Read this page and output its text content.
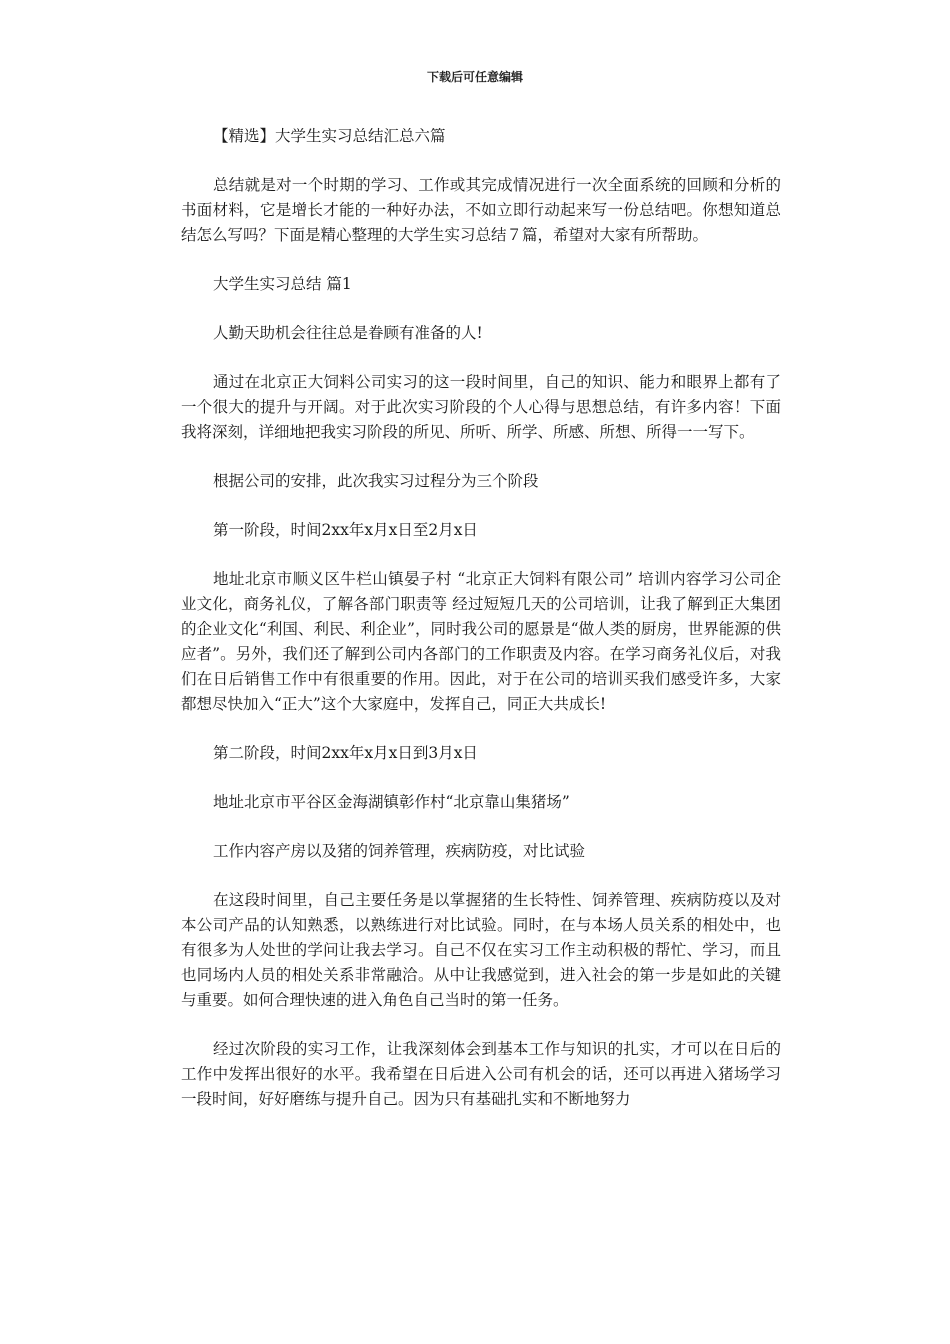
下载后可任意编辑

【精选】大学生实习总结汇总六篇

总结就是对一个时期的学习、工作或其完成情况进行一次全面系统的回顾和分析的书面材料，它是增长才能的一种好办法，不如立即行动起来写一份总结吧。你想知道总结怎么写吗？下面是精心整理的大学生实习总结７篇，希望对大家有所帮助。

大学生实习总结 篇1

人勤天助机会往往总是眷顾有准备的人!

通过在北京正大饲料公司实习的这一段时间里，自己的知识、能力和眼界上都有了一个很大的提升与开阔。对于此次实习阶段的个人心得与思想总结，有许多内容！下面我将深刻，详细地把我实习阶段的所见、所听、所学、所感、所想、所得一一写下。

根据公司的安排，此次我实习过程分为三个阶段

第一阶段，时间2xx年x月x日至2月x日

地址北京市顺义区牛栏山镇晏子村 “北京正大饲料有限公司” 培训内容学习公司企业文化，商务礼仪，了解各部门职责等 经过短短几天的公司培训，让我了解到正大集团的企业文化“利国、利民、利企业”，同时我公司的愿景是“做人类的厨房，世界能源的供应者”。另外，我们还了解到公司内各部门的工作职责及内容。在学习商务礼仪后，对我们在日后销售工作中有很重要的作用。因此，对于在公司的培训买我们感受许多，大家都想尽快加入“正大”这个大家庭中，发挥自己，同正大共成长!

第二阶段，时间2xx年x月x日到3月x日

地址北京市平谷区金海湖镇彰作村“北京靠山集猪场”

工作内容产房以及猪的饲养管理，疾病防疫，对比试验

在这段时间里，自己主要任务是以掌握猪的生长特性、饲养管理、疾病防疫以及对本公司产品的认知熟悉，以熟练进行对比试验。同时，在与本场人员关系的相处中，也有很多为人处世的学问让我去学习。自己不仅在实习工作主动积极的帮忙、学习，而且也同场内人员的相处关系非常融洽。从中让我感觉到，进入社会的第一步是如此的关键与重要。如何合理快速的进入角色自己当时的第一任务。

经过次阶段的实习工作，让我深刻体会到基本工作与知识的扎实，才可以在日后的工作中发挥出很好的水平。我希望在日后进入公司有机会的话，还可以再进入猪场学习一段时间，好好磨练与提升自己。因为只有基础扎实和不断地努力
